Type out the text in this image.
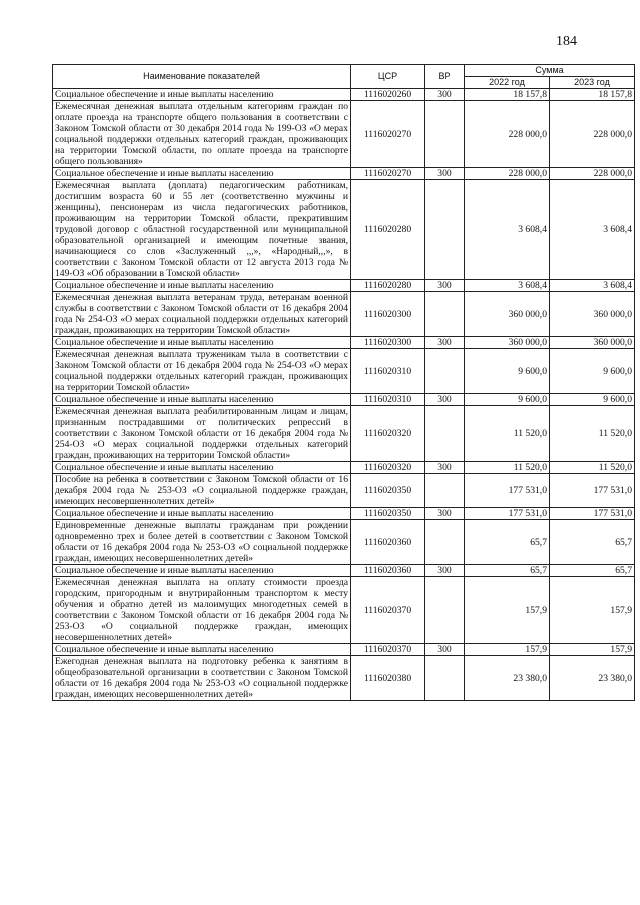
184
Наименование показателей	ЦСР	ВР	Сумма	
			2022 год	2023 год
Социальное обеспечение и иные выплаты населению	1116020260	300	18 157,8	18 157,8
Ежемесячная денежная выплата отдельным категориям граждан по оплате проезда на транспорте общего пользования в соответствии с Законом Томской области от 30 декабря 2014 года № 199-ОЗ «О мерах социальной поддержки отдельных категорий граждан, проживающих на территории Томской области, по оплате проезда на транспорте общего пользования»	1116020270		228 000,0	228 000,0
Социальное обеспечение и иные выплаты населению	1116020270	300	228 000,0	228 000,0
Ежемесячная выплата (доплата) педагогическим работникам, достигшим возраста 60 и 55 лет (соответственно мужчины и женщины), пенсионерам из числа педагогических работников, проживающим на территории Томской области, прекратившим трудовой договор с областной государственной или муниципальной образовательной организацией и имеющим почетные звания, начинающиеся со слов «Заслуженный ,,,», «Народный,,,», в соответствии с Законом Томской области от 12 августа 2013 года № 149-ОЗ «Об образовании в Томской области»	1116020280		3 608,4	3 608,4
Социальное обеспечение и иные выплаты населению	1116020280	300	3 608,4	3 608,4
Ежемесячная денежная выплата ветеранам труда, ветеранам военной службы в соответствии с Законом Томской области от 16 декабря 2004 года № 254-ОЗ «О мерах социальной поддержки отдельных категорий граждан, проживающих на территории Томской области»	1116020300		360 000,0	360 000,0
Социальное обеспечение и иные выплаты населению	1116020300	300	360 000,0	360 000,0
Ежемесячная денежная выплата труженикам тыла в соответствии с Законом Томской области от 16 декабря 2004 года № 254-ОЗ «О мерах социальной поддержки отдельных категорий граждан, проживающих на территории Томской области»	1116020310		9 600,0	9 600,0
Социальное обеспечение и иные выплаты населению	1116020310	300	9 600,0	9 600,0
Ежемесячная денежная выплата реабилитированным лицам и лицам, признанным пострадавшими от политических репрессий в соответствии с Законом Томской области от 16 декабря 2004 года № 254-ОЗ «О мерах социальной поддержки отдельных категорий граждан, проживающих на территории Томской области»	1116020320		11 520,0	11 520,0
Социальное обеспечение и иные выплаты населению	1116020320	300	11 520,0	11 520,0
Пособие на ребенка в соответствии с Законом Томской области от 16 декабря 2004 года № 253-ОЗ «О социальной поддержке граждан, имеющих несовершеннолетних детей»	1116020350		177 531,0	177 531,0
Социальное обеспечение и иные выплаты населению	1116020350	300	177 531,0	177 531,0
Единовременные денежные выплаты гражданам при рождении одновременно трех и более детей в соответствии с Законом Томской области от 16 декабря 2004 года № 253-ОЗ «О социальной поддержке граждан, имеющих несовершеннолетних детей»	1116020360		65,7	65,7
Социальное обеспечение и иные выплаты населению	1116020360	300	65,7	65,7
Ежемесячная денежная выплата на оплату стоимости проезда городским, пригородным и внутрирайонным транспортом к месту обучения и обратно детей из малоимущих многодетных семей в соответствии с Законом Томской области от 16 декабря 2004 года № 253-ОЗ «О социальной поддержке граждан, имеющих несовершеннолетних детей»	1116020370		157,9	157,9
Социальное обеспечение и иные выплаты населению	1116020370	300	157,9	157,9
Ежегодная денежная выплата на подготовку ребенка к занятиям в общеобразовательной организации в соответствии с Законом Томской области от 16 декабря 2004 года № 253-ОЗ «О социальной поддержке граждан, имеющих несовершеннолетних детей»	1116020380		23 380,0	23 380,0
